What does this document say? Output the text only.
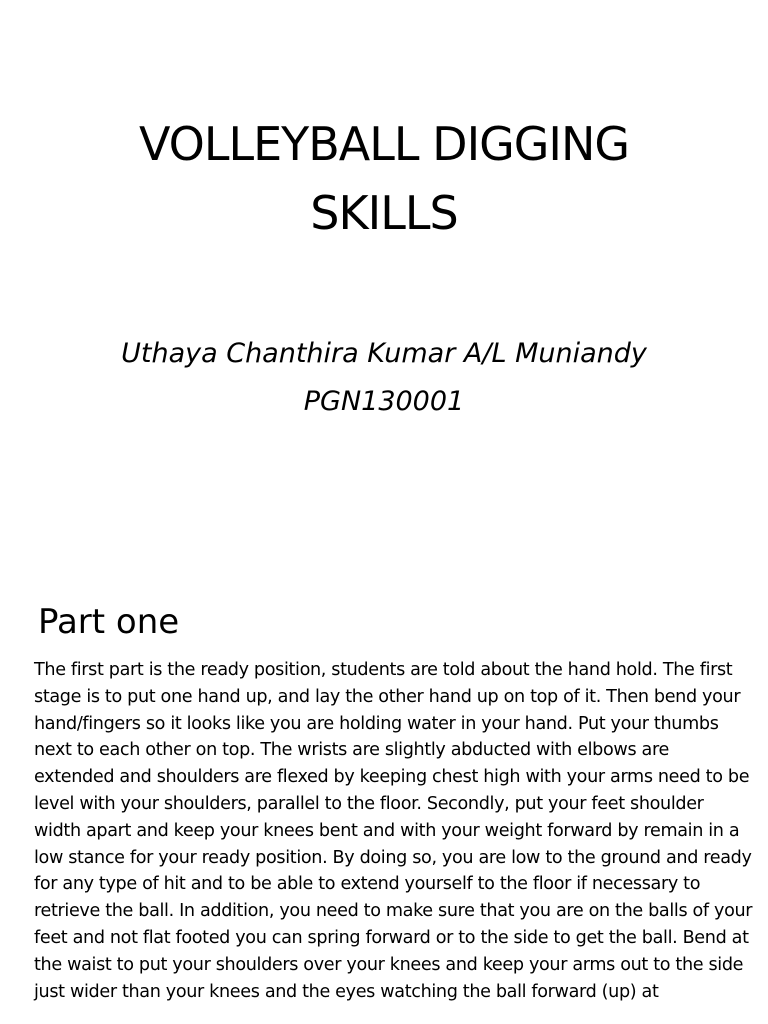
VOLLEYBALL DIGGING
SKILLS
Uthaya Chanthira Kumar A/L Muniandy
PGN130001
Part one

The first part is the ready position, students are told about the hand hold. The first stage is to put one hand up, and lay the other hand up on top of it. Then bend your hand/fingers so it looks like you are holding water in your hand. Put your thumbs next to each other on top. The wrists are slightly abducted with elbows are extended and shoulders are flexed by keeping chest high with your arms need to be level with your shoulders, parallel to the floor. Secondly, put your feet shoulder width apart and keep your knees bent and with your weight forward by remain in a low stance for your ready position. By doing so, you are low to the ground and ready for any type of hit and to be able to extend yourself to the floor if necessary to retrieve the ball. In addition, you need to make sure that you are on the balls of your feet and not flat footed you can spring forward or to the side to get the ball. Bend at the waist to put your shoulders over your knees and keep your arms out to the side just wider than your knees and the eyes watching the ball forward (up) at
